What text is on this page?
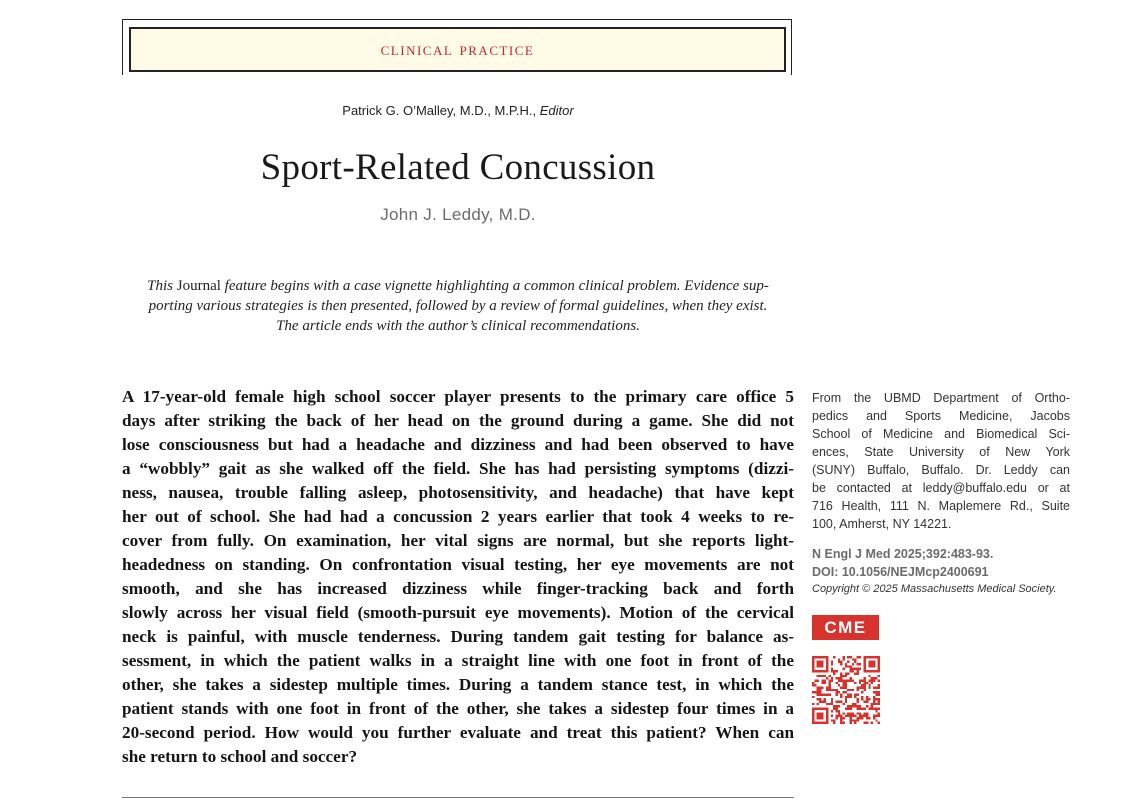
clinical practice
Patrick G. O’Malley, M.D., M.P.H., Editor
Sport-Related Concussion
John J. Leddy, M.D.
This Journal feature begins with a case vignette highlighting a common clinical problem. Evidence sup-
porting various strategies is then presented, followed by a review of formal guidelines, when they exist.
The article ends with the author’s clinical recommendations.
A 17-year-old female high school soccer player presents to the primary care office 5
days after striking the back of her head on the ground during a game. She did not
lose consciousness but had a headache and dizziness and had been observed to have
a “wobbly” gait as she walked off the field. She has had persisting symptoms (dizzi-
ness, nausea, trouble falling asleep, photosensitivity, and headache) that have kept
her out of school. She had had a concussion 2 years earlier that took 4 weeks to re-
cover from fully. On examination, her vital signs are normal, but she reports light-
headedness on standing. On confrontation visual testing, her eye movements are not
smooth, and she has increased dizziness while finger-tracking back and forth
slowly across her visual field (smooth-pursuit eye movements). Motion of the cervical
neck is painful, with muscle tenderness. During tandem gait testing for balance as-
sessment, in which the patient walks in a straight line with one foot in front of the
other, she takes a sidestep multiple times. During a tandem stance test, in which the
patient stands with one foot in front of the other, she takes a sidestep four times in a
20-second period. How would you further evaluate and treat this patient? When can
she return to school and soccer?
From the UBMD Department of Ortho-
pedics and Sports Medicine, Jacobs
School of Medicine and Biomedical Sci-
ences, State University of New York
(SUNY) Buffalo, Buffalo. Dr. Leddy can
be contacted at leddy@buffalo.edu or at
716 Health, 111 N. Maplemere Rd., Suite
100, Amherst, NY 14221.
N Engl J Med 2025;392:483-93.
DOI: 10.1056/NEJMcp2400691
Copyright © 2025 Massachusetts Medical Society.
CME
